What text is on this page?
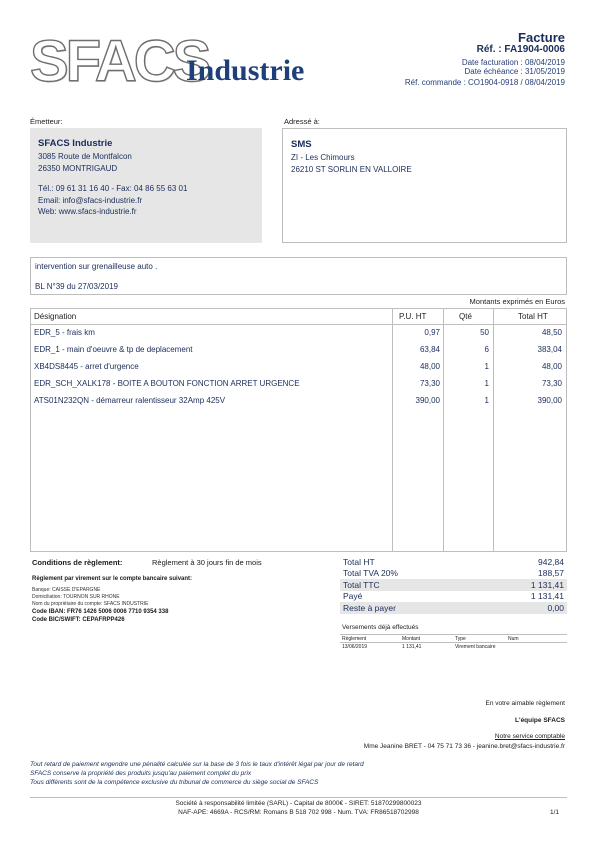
SFACS
Industrie
Facture
Réf. : FA1904-0006
Date facturation : 08/04/2019
Date échéance : 31/05/2019
Réf. commande : CO1904-0918 / 08/04/2019
Émetteur:	Adressé à:
SFACS Industrie
3085 Route de Montfalcon
26350 MONTRIGAUD
Tél.: 09 61 31 16 40 - Fax: 04 86 55 63 01
Email: info@sfacs-industrie.fr
Web: www.sfacs-industrie.fr
SMS
ZI - Les Chimours
26210 ST SORLIN EN VALLOIRE
intervention sur grenailleuse auto .
BL N°39 du 27/03/2019
Montants exprimés en Euros
Désignation	P.U. HT	Qté	Total HT
EDR_5 - frais km	0,97	50	48,50
EDR_1 - main d'oeuvre & tp de deplacement	63,84	6	383,04
XB4DS8445 - arret d'urgence	48,00	1	48,00
EDR_SCH_XALK178 - BOITE A BOUTON FONCTION ARRET URGENCE	73,30	1	73,30
ATS01N232QN - démarreur ralentisseur 32Amp 425V	390,00	1	390,00
Conditions de règlement:	Règlement à 30 jours fin de mois
Règlement par virement sur le compte bancaire suivant:
Banque: CAISSE D'EPARGNE
Domiciliation: TOURNON SUR RHONE
Nom du propriétaire du compte: SFACS INDUSTRIE
Code IBAN: FR76 1426 5006 0006 7710 9354 338
Code BIC/SWIFT: CEPAFRPP426
Total HT	942,84
Total TVA 20%	188,57
Total TTC	1 131,41
Payé	1 131,41
Reste à payer	0,00
Versements déjà effectués
Règlement	Montant	Type	Num
13/06/2019	1 131,41	Virement bancaire
En votre aimable règlement
L'équipe SFACS
Notre service comptable
Mme Jeanine BRET - 04 75 71 73 36 - jeanine.bret@sfacs-industrie.fr
Tout retard de paiement engendre une pénalité calculée sur la base de 3 fois le taux d'intérêt légal par jour de retard
SFACS conserve la propriété des produits jusqu'au paiement complet du prix
Tous différents sont de la compétence exclusive du tribunal de commerce du siège social de SFACS
Société à responsabilité limitée (SARL) - Capital de 8000€ - SIRET: 51870299800023
NAF-APE: 4669A - RCS/RM: Romans B 518 702 998 - Num. TVA: FR86518702998	1/1
